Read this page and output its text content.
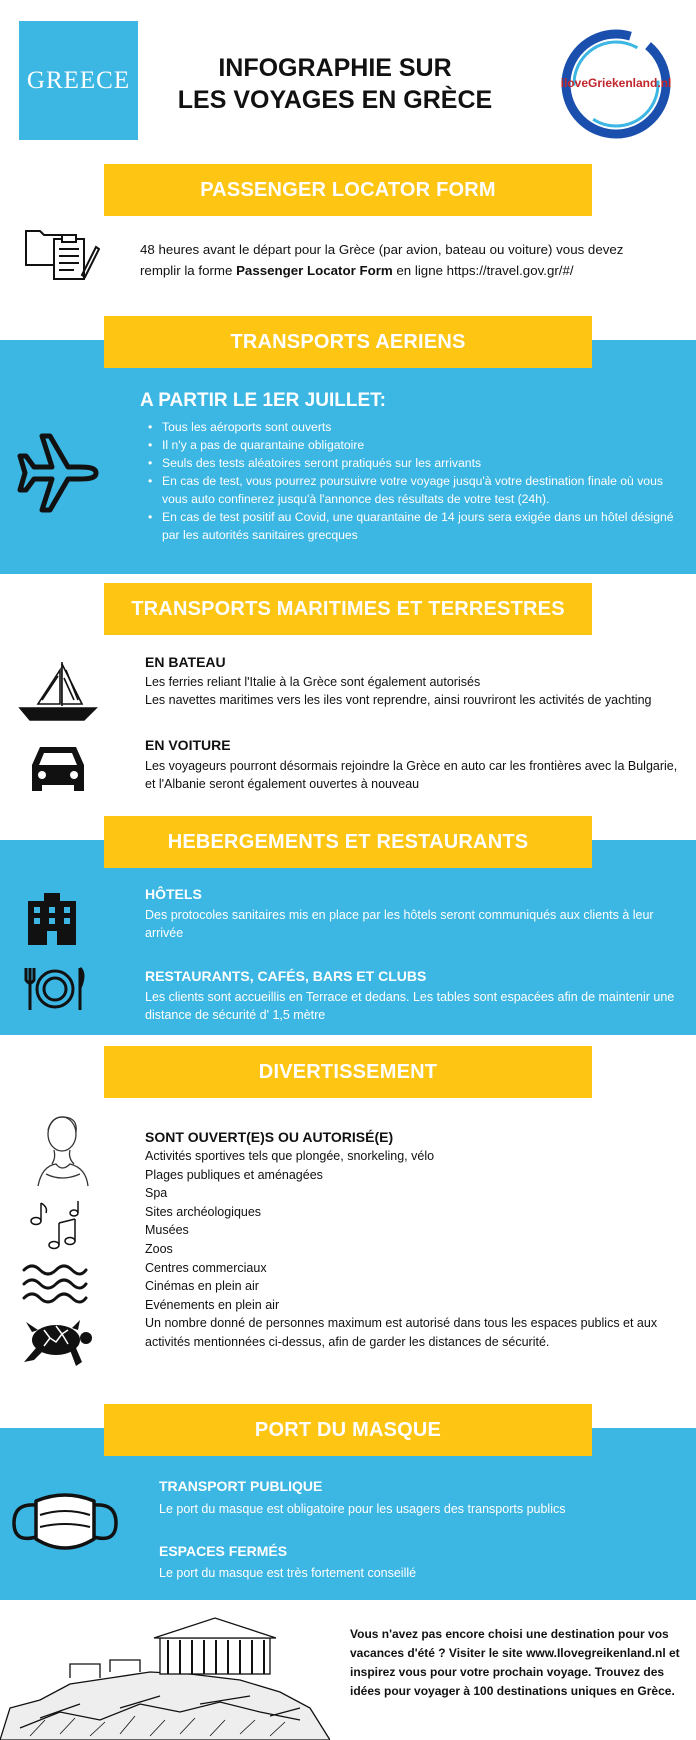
GREECE	INFOGRAPHIE SUR
LES VOYAGES EN GRÈCE
iloveGriekenland.nl
PASSENGER LOCATOR FORM
48 heures avant le départ pour la Grèce (par avion, bateau ou voiture) vous devez remplir la forme Passenger Locator Form en ligne https://travel.gov.gr/#/
TRANSPORTS AERIENS
A PARTIR LE 1ER JUILLET:
• Tous les aéroports sont ouverts
• Il n'y a pas de quarantaine obligatoire
• Seuls des tests aléatoires seront pratiqués sur les arrivants
• En cas de test, vous pourrez poursuivre votre voyage jusqu'à votre destination finale où vous vous auto confinerez jusqu'à l'annonce des résultats de votre test (24h).
• En cas de test positif au Covid, une quarantaine de 14 jours sera exigée dans un hôtel désigné par les autorités sanitaires grecques
TRANSPORTS MARITIMES ET TERRESTRES
EN BATEAU
Les ferries reliant l'Italie à la Grèce sont également autorisés
Les navettes maritimes vers les iles vont reprendre, ainsi rouvriront les activités de yachting
EN VOITURE
Les voyageurs pourront désormais rejoindre la Grèce en auto car les frontières avec la Bulgarie, et l'Albanie seront également ouvertes à nouveau
HEBERGEMENTS ET RESTAURANTS
HÔTELS
Des protocoles sanitaires mis en place par les hôtels seront communiqués aux clients à leur arrivée
RESTAURANTS, CAFÉS, BARS ET CLUBS
Les clients sont accueillis en Terrace et dedans. Les tables sont espacées afin de maintenir une distance de sécurité d' 1,5 mètre
DIVERTISSEMENT
SONT OUVERT(E)S OU AUTORISÉ(E)
Activités sportives tels que plongée, snorkeling, vélo
Plages publiques et aménagées
Spa
Sites archéologiques
Musées
Zoos
Centres commerciaux
Cinémas en plein air
Evénements en plein air
Un nombre donné de personnes maximum est autorisé dans tous les espaces publics et aux activités mentionnées ci-dessus, afin de garder les distances de sécurité.
PORT DU MASQUE
TRANSPORT PUBLIQUE
Le port du masque est obligatoire pour les usagers des transports publics
ESPACES FERMÉS
Le port du masque est très fortement conseillé
Vous n'avez pas encore choisi une destination pour vos vacances d'été ? Visiter le site www.Ilovegreikenland.nl et inspirez vous pour votre prochain voyage. Trouvez des idées pour voyager à 100 destinations uniques en Grèce.
